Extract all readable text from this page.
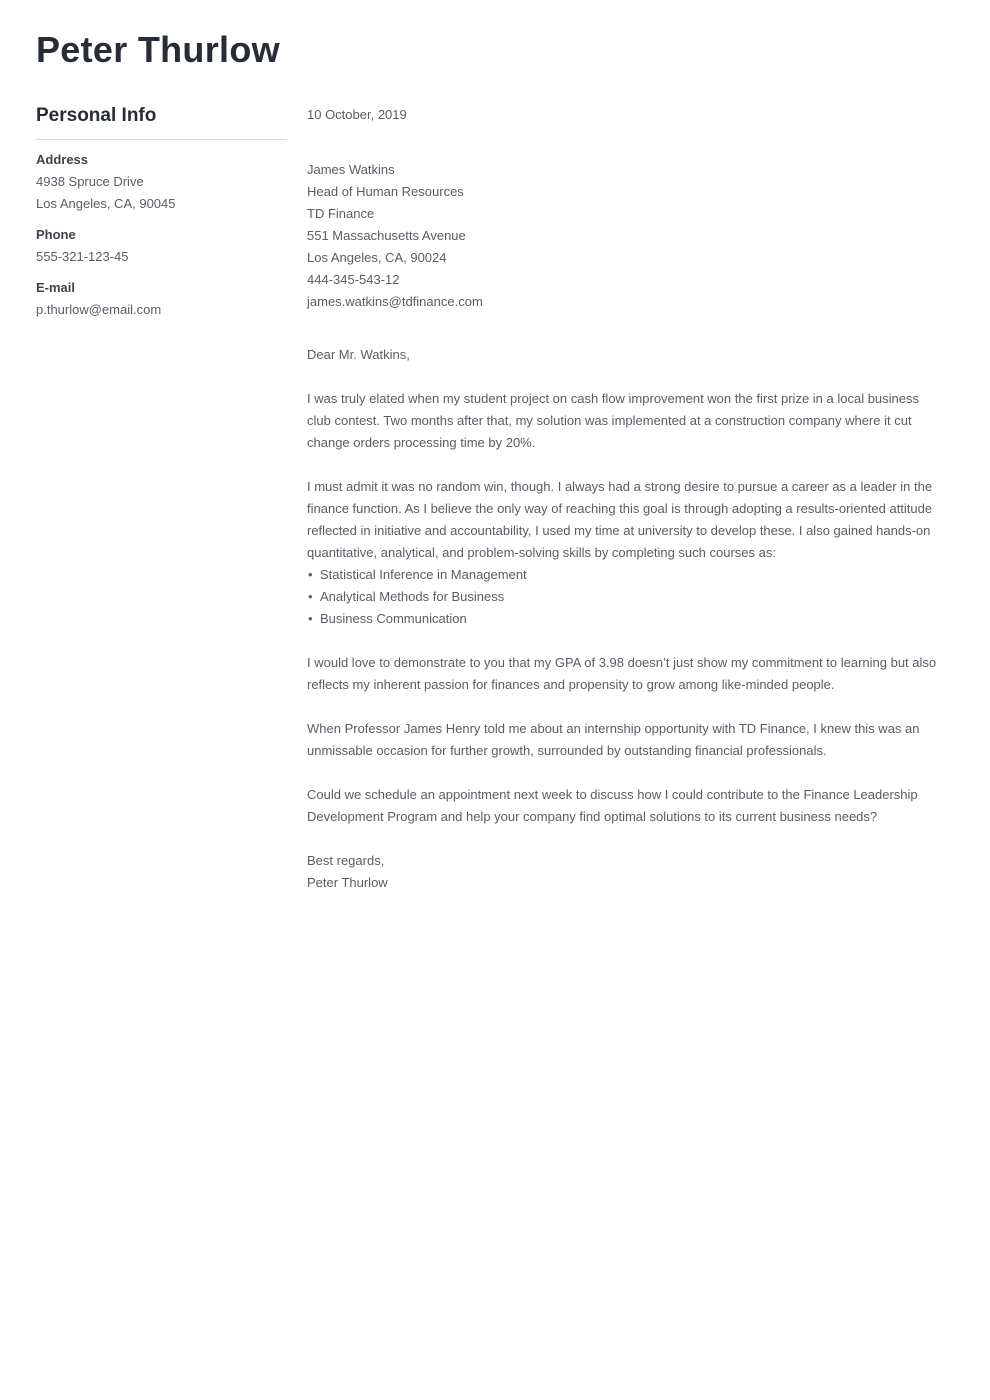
Peter Thurlow
Personal Info
Address
4938 Spruce Drive
Los Angeles, CA, 90045
Phone
555-321-123-45
E-mail
p.thurlow@email.com
10 October, 2019
James Watkins
Head of Human Resources
TD Finance
551 Massachusetts Avenue
Los Angeles, CA, 90024
444-345-543-12
james.watkins@tdfinance.com

Dear Mr. Watkins,

I was truly elated when my student project on cash flow improvement won the first prize in a local business club contest. Two months after that, my solution was implemented at a construction company where it cut change orders processing time by 20%.

I must admit it was no random win, though. I always had a strong desire to pursue a career as a leader in the finance function. As I believe the only way of reaching this goal is through adopting a results-oriented attitude reflected in initiative and accountability, I used my time at university to develop these. I also gained hands-on quantitative, analytical, and problem-solving skills by completing such courses as:

• Statistical Inference in Management
• Analytical Methods for Business
• Business Communication

I would love to demonstrate to you that my GPA of 3.98 doesn’t just show my commitment to learning but also reflects my inherent passion for finances and propensity to grow among like-minded people.

When Professor James Henry told me about an internship opportunity with TD Finance, I knew this was an unmissable occasion for further growth, surrounded by outstanding financial professionals.

Could we schedule an appointment next week to discuss how I could contribute to the Finance Leadership Development Program and help your company find optimal solutions to its current business needs?

Best regards,
Peter Thurlow
